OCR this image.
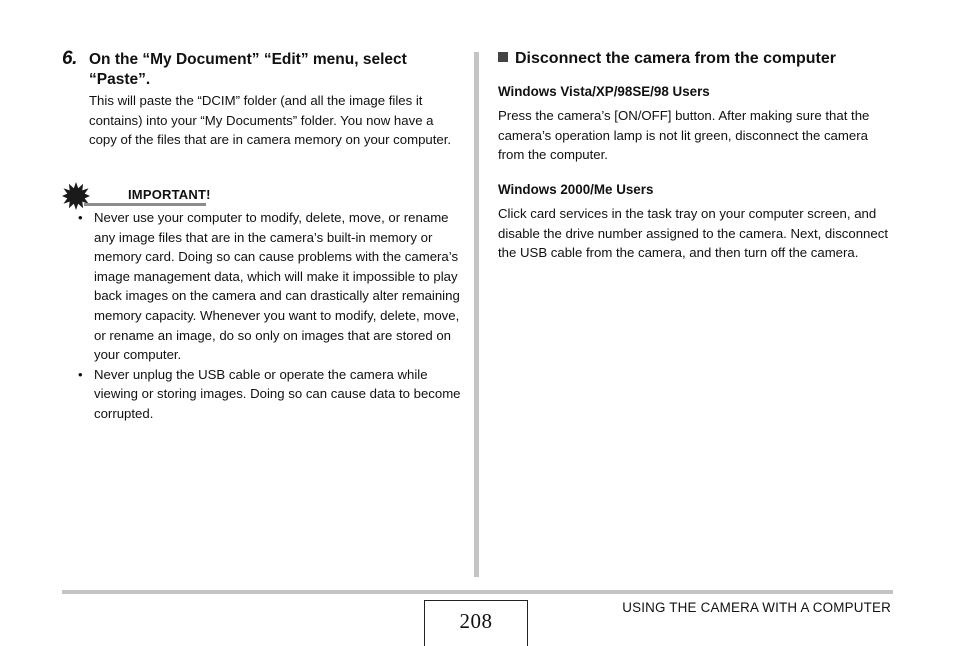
6. On the “My Document” “Edit” menu, select “Paste”.
This will paste the “DCIM” folder (and all the image files it contains) into your “My Documents” folder. You now have a copy of the files that are in camera memory on your computer.
IMPORTANT!
• Never use your computer to modify, delete, move, or rename any image files that are in the camera’s built-in memory or memory card. Doing so can cause problems with the camera’s image management data, which will make it impossible to play back images on the camera and can drastically alter remaining memory capacity. Whenever you want to modify, delete, move, or rename an image, do so only on images that are stored on your computer.
• Never unplug the USB cable or operate the camera while viewing or storing images. Doing so can cause data to become corrupted.
Disconnect the camera from the computer
Windows Vista/XP/98SE/98 Users
Press the camera’s [ON/OFF] button. After making sure that the camera’s operation lamp is not lit green, disconnect the camera from the computer.
Windows 2000/Me Users
Click card services in the task tray on your computer screen, and disable the drive number assigned to the camera. Next, disconnect the USB cable from the camera, and then turn off the camera.
208
USING THE CAMERA WITH A COMPUTER
